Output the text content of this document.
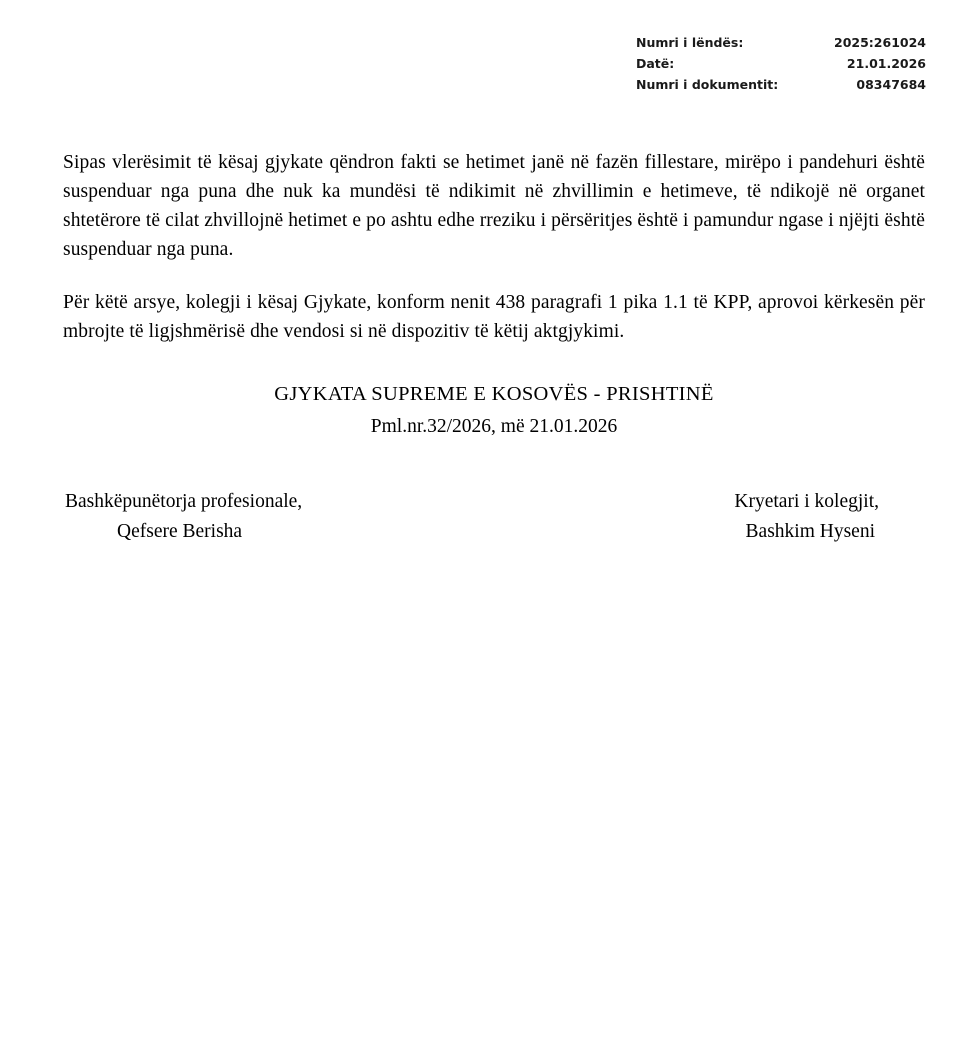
Numri i lëndës:	2025:261024
Datë:	21.01.2026
Numri i dokumentit:	08347684

Sipas vlerësimit të kësaj gjykate qëndron fakti se hetimet janë në fazën fillestare, mirëpo i pandehuri është suspenduar nga puna dhe nuk ka mundësi të ndikimit në zhvillimin e hetimeve, të ndikojë në organet shtetërore të cilat zhvillojnë hetimet e po ashtu edhe rreziku i përsëritjes është i pamundur ngase i njëjti është suspenduar nga puna.

Për këtë arsye, kolegji i kësaj Gjykate, konform nenit 438 paragrafi 1 pika 1.1 të KPP, aprovoi kërkesën për mbrojte të ligjshmërisë dhe vendosi si në dispozitiv të këtij aktgjykimi.

GJYKATA SUPREME E KOSOVËS - PRISHTINË
Pml.nr.32/2026, më 21.01.2026
Bashkëpunëtorja profesionale,
Qefsere Berisha
Kryetari i kolegjit,
Bashkim Hyseni
